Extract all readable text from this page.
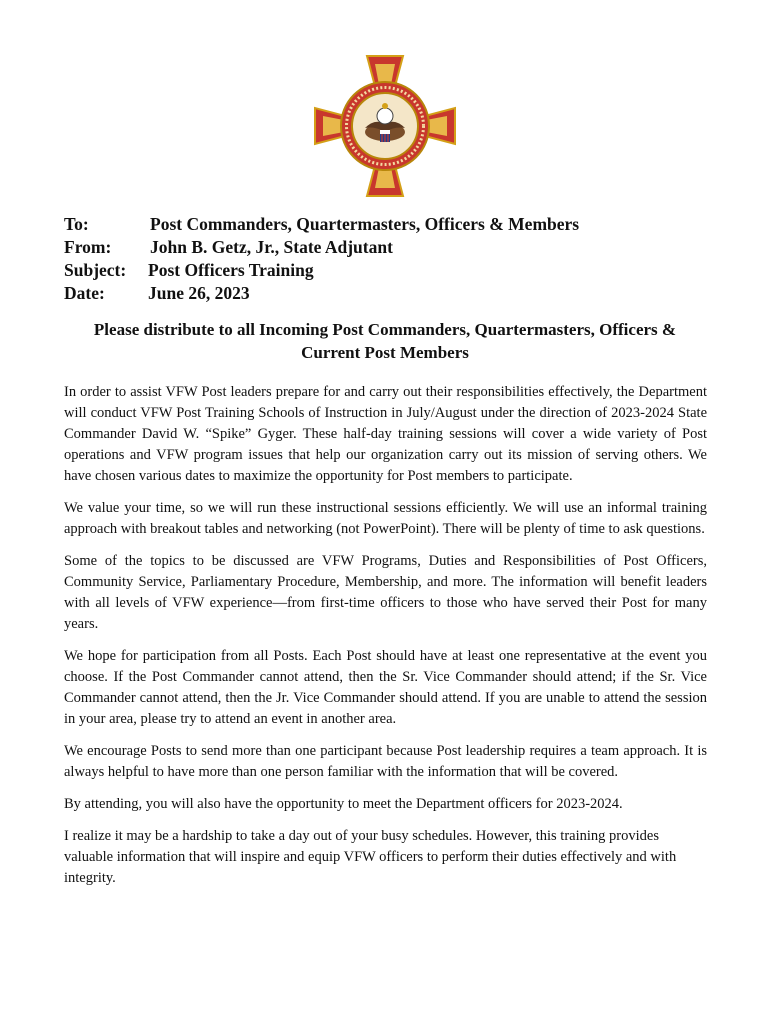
To:	Post Commanders, Quartermasters, Officers & Members
From:	John B. Getz, Jr., State Adjutant
Subject:	Post Officers Training
Date:	June 26, 2023
Please distribute to all Incoming Post Commanders, Quartermasters, Officers & Current Post Members

In order to assist VFW Post leaders prepare for and carry out their responsibilities effectively, the Department will conduct VFW Post Training Schools of Instruction in July/August under the direction of 2023-2024 State Commander David W. “Spike” Gyger. These half-day training sessions will cover a wide variety of Post operations and VFW program issues that help our organization carry out its mission of serving others. We have chosen various dates to maximize the opportunity for Post members to participate.

We value your time, so we will run these instructional sessions efficiently. We will use an informal training approach with breakout tables and networking (not PowerPoint). There will be plenty of time to ask questions.

Some of the topics to be discussed are VFW Programs, Duties and Responsibilities of Post Officers, Community Service, Parliamentary Procedure, Membership, and more. The information will benefit leaders with all levels of VFW experience—from first-time officers to those who have served their Post for many years.

We hope for participation from all Posts. Each Post should have at least one representative at the event you choose. If the Post Commander cannot attend, then the Sr. Vice Commander should attend; if the Sr. Vice Commander cannot attend, then the Jr. Vice Commander should attend. If you are unable to attend the session in your area, please try to attend an event in another area.

We encourage Posts to send more than one participant because Post leadership requires a team approach. It is always helpful to have more than one person familiar with the information that will be covered.

By attending, you will also have the opportunity to meet the Department officers for 2023-2024.

I realize it may be a hardship to take a day out of your busy schedules. However, this training provides valuable information that will inspire and equip VFW officers to perform their duties effectively and with integrity.
